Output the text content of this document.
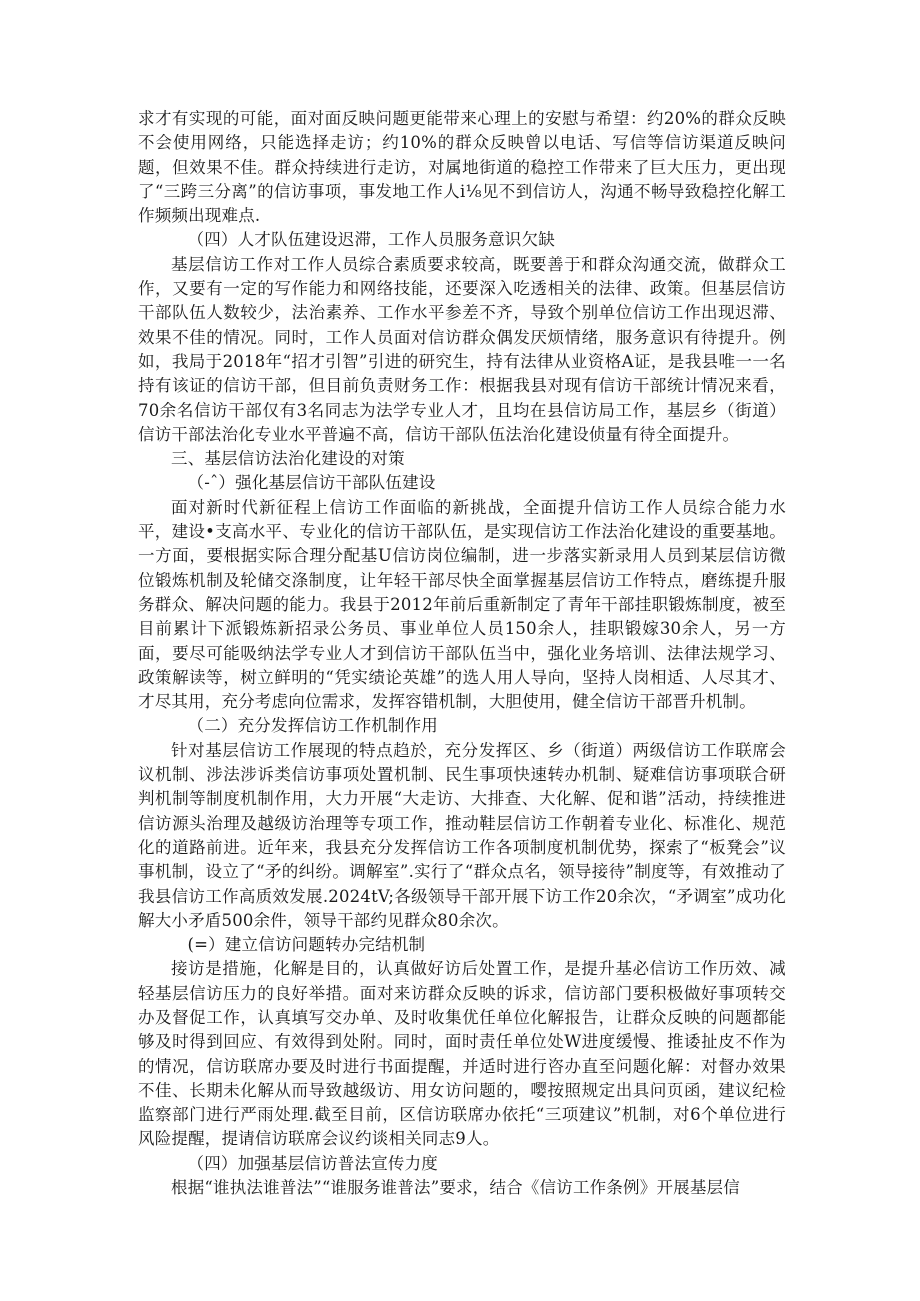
求才有实现的可能，面对面反映问题更能带来心理上的安慰与希望：约20%的群众反映不会使用网络，只能选择走访；约10%的群众反映曾以电话、写信等信访渠道反映问题，但效果不佳。群众持续进行走访，对属地街道的稳控工作带来了巨大压力，更出现了“三跨三分离”的信访事项，事发地工作人i⅛见不到信访人，沟通不畅导致稳控化解工作频频出现难点.

（四）人才队伍建设迟滞，工作人员服务意识欠缺

基层信访工作对工作人员综合素质要求较高，既要善于和群众沟通交流，做群众工作，又要有一定的写作能力和网络技能，还要深入吃透相关的法律、政策。但基层信访干部队伍人数较少，法治素养、工作水平参差不齐，导致个别单位信访工作出现迟滞、效果不佳的情况。同时，工作人员面对信访群众偶发厌烦情绪，服务意识有待提升。例如，我局于2018年“招才引智”引进的研究生，持有法律从业资格A证，是我县唯一一名持有该证的信访干部，但目前负责财务工作：根据我县对现有信访干部统计情况来看，70余名信访干部仅有3名同志为法学专业人才，且均在县信访局工作，基层乡（街道）信访干部法治化专业水平普遍不高，信访干部队伍法治化建设侦量有待全面提升。

三、基层信访法治化建设的对策

（-ˆ）强化基层信访干部队伍建设

面对新时代新征程上信访工作面临的新挑战，全面提升信访工作人员综合能力水平，建设•支高水平、专业化的信访干部队伍，是实现信访工作法治化建设的重要基地。一方面，要根据实际合理分配基U信访岗位编制，进一步落实新录用人员到某层信访微位锻炼机制及轮储交涤制度，让年轻干部尽快全面掌握基层信访工作特点，磨练提升服务群众、解决问题的能力。我县于2012年前后重新制定了青年干部挂职锻炼制度，被至目前累计下派锻炼新招录公务员、事业单位人员150余人，挂职锻嫁30余人，另一方面，要尽可能吸纳法学专业人才到信访干部队伍当中，强化业务培训、法律法规学习、政策解读等，树立鲜明的“凭实绩论英雄”的选人用人导向，坚持人岗相适、人尽其才、才尽其用，充分考虑向位需求，发挥容错机制，大胆使用，健全信访干部晋升机制。

（二）充分发挥信访工作机制作用

针对基层信访工作展现的特点趋於，充分发挥区、乡（街道）两级信访工作联席会议机制、涉法涉诉类信访事项处置机制、民生事项快速转办机制、疑难信访事项联合研判机制等制度机制作用，大力开展“大走访、大排查、大化解、促和谐”活动，持续推进信访源头治理及越级访治理等专项工作，推动鞋层信访工作朝着专业化、标准化、规范化的道路前进。近年来，我县充分发挥信访工作各项制度机制优势，探索了“板凳会”议事机制，设立了“矛的纠纷。调解室”.实行了“群众点名，领导接待”制度等，有效推动了我县信访工作高质效发展.2024tV;各级领导干部开展下访工作20余次，“矛调室”成功化解大小矛盾500余件，领导干部约见群众80余次。

(=）建立信访问题转办完结机制

接访是措施，化解是目的，认真做好访后处置工作，是提升基必信访工作历效、减轻基层信访压力的良好举措。面对来访群众反映的诉求，信访部门要积极做好事项转交办及督促工作，认真填写交办单、及时收集优任单位化解报告，让群众反映的问题都能够及时得到回应、有效得到处附。同时，面时责任单位处W进度缓慢、推诿扯皮不作为的情况，信访联席办要及时进行书面提醒，并适时进行咨办直至问题化解：对督办效果不佳、长期未化解从而导致越级访、用女访问题的，嘤按照规定出具问页函，建议纪检监察部门进行严雨处理.截至目前，区信访联席办依托“三项建议”机制，对6个单位进行风险提醒，提请信访联席会议约谈相关同志9人。

（四）加强基层信访普法宣传力度

根据“谁执法谁普法”“谁服务谁普法”要求，结合《信访工作条例》开展基层信
